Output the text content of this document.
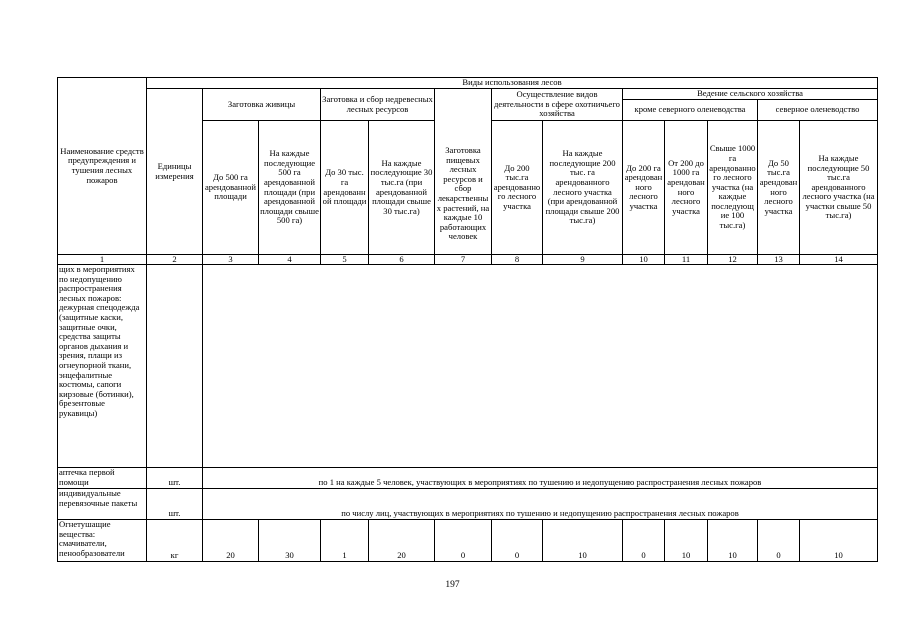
Наименование средств предупреждения и тушения лесных пожаров	Виды использования лесов												
	Единицы измерения	Заготовка живицы		Заготовка и сбор недревесных лесных ресурсов		Заготовка пищевых лесных ресурсов и сбор лекарственных растений, на каждые 10 работающих человек	Осуществление видов деятельности в сфере охотничьего хозяйства		Ведение сельского хозяйства				
									кроме северного оленеводства			северное оленеводство	
		До 500 га арендованной площади	На каждые последующие 500 га арендованной площади (при арендованной площади свыше 500 га)	До 30 тыс. га арендованной площади	На каждые последующие 30 тыс.га (при арендованной площади свыше 30 тыс.га)		До 200 тыс.га арендованного лесного участка	На каждые последующие 200 тыс. га арендованного лесного участка (при арендованной площади свыше 200 тыс.га)	До 200 га арендованного лесного участка	От 200 до 1000 га арендованного лесного участка	Свыше 1000 га арендованного лесного участка (на каждые последующие 100 тыс.га)	До 50 тыс.га арендованного лесного участка	На каждые последующие 50 тыс.га арендованного лесного участка (на участки свыше 50 тыс.га)
1	2	3	4	5	6	7	8	9	10	11	12	13	14
щих в мероприятиях по недопущению распространения лесных пожаров: дежурная спецодежда (защитные каски, защитные очки, средства защиты органов дыхания и зрения, плащи из огнеупорной ткани, энцефалитные костюмы, сапоги кирзовые (ботинки), брезентовые рукавицы)													
аптечка первой помощи	шт.	по 1 на каждые 5 человек, участвующих в мероприятиях по тушению и недопущению распространения лесных пожаров											
индивидуальные перевязочные пакеты	шт.	по числу лиц, участвующих в мероприятиях по тушению и недопущению распространения лесных пожаров											
Огнетушащие вещества: смачиватели, пенообразователи	кг	20	30	1	20	0	0	10	0	10	10	0	10
197
